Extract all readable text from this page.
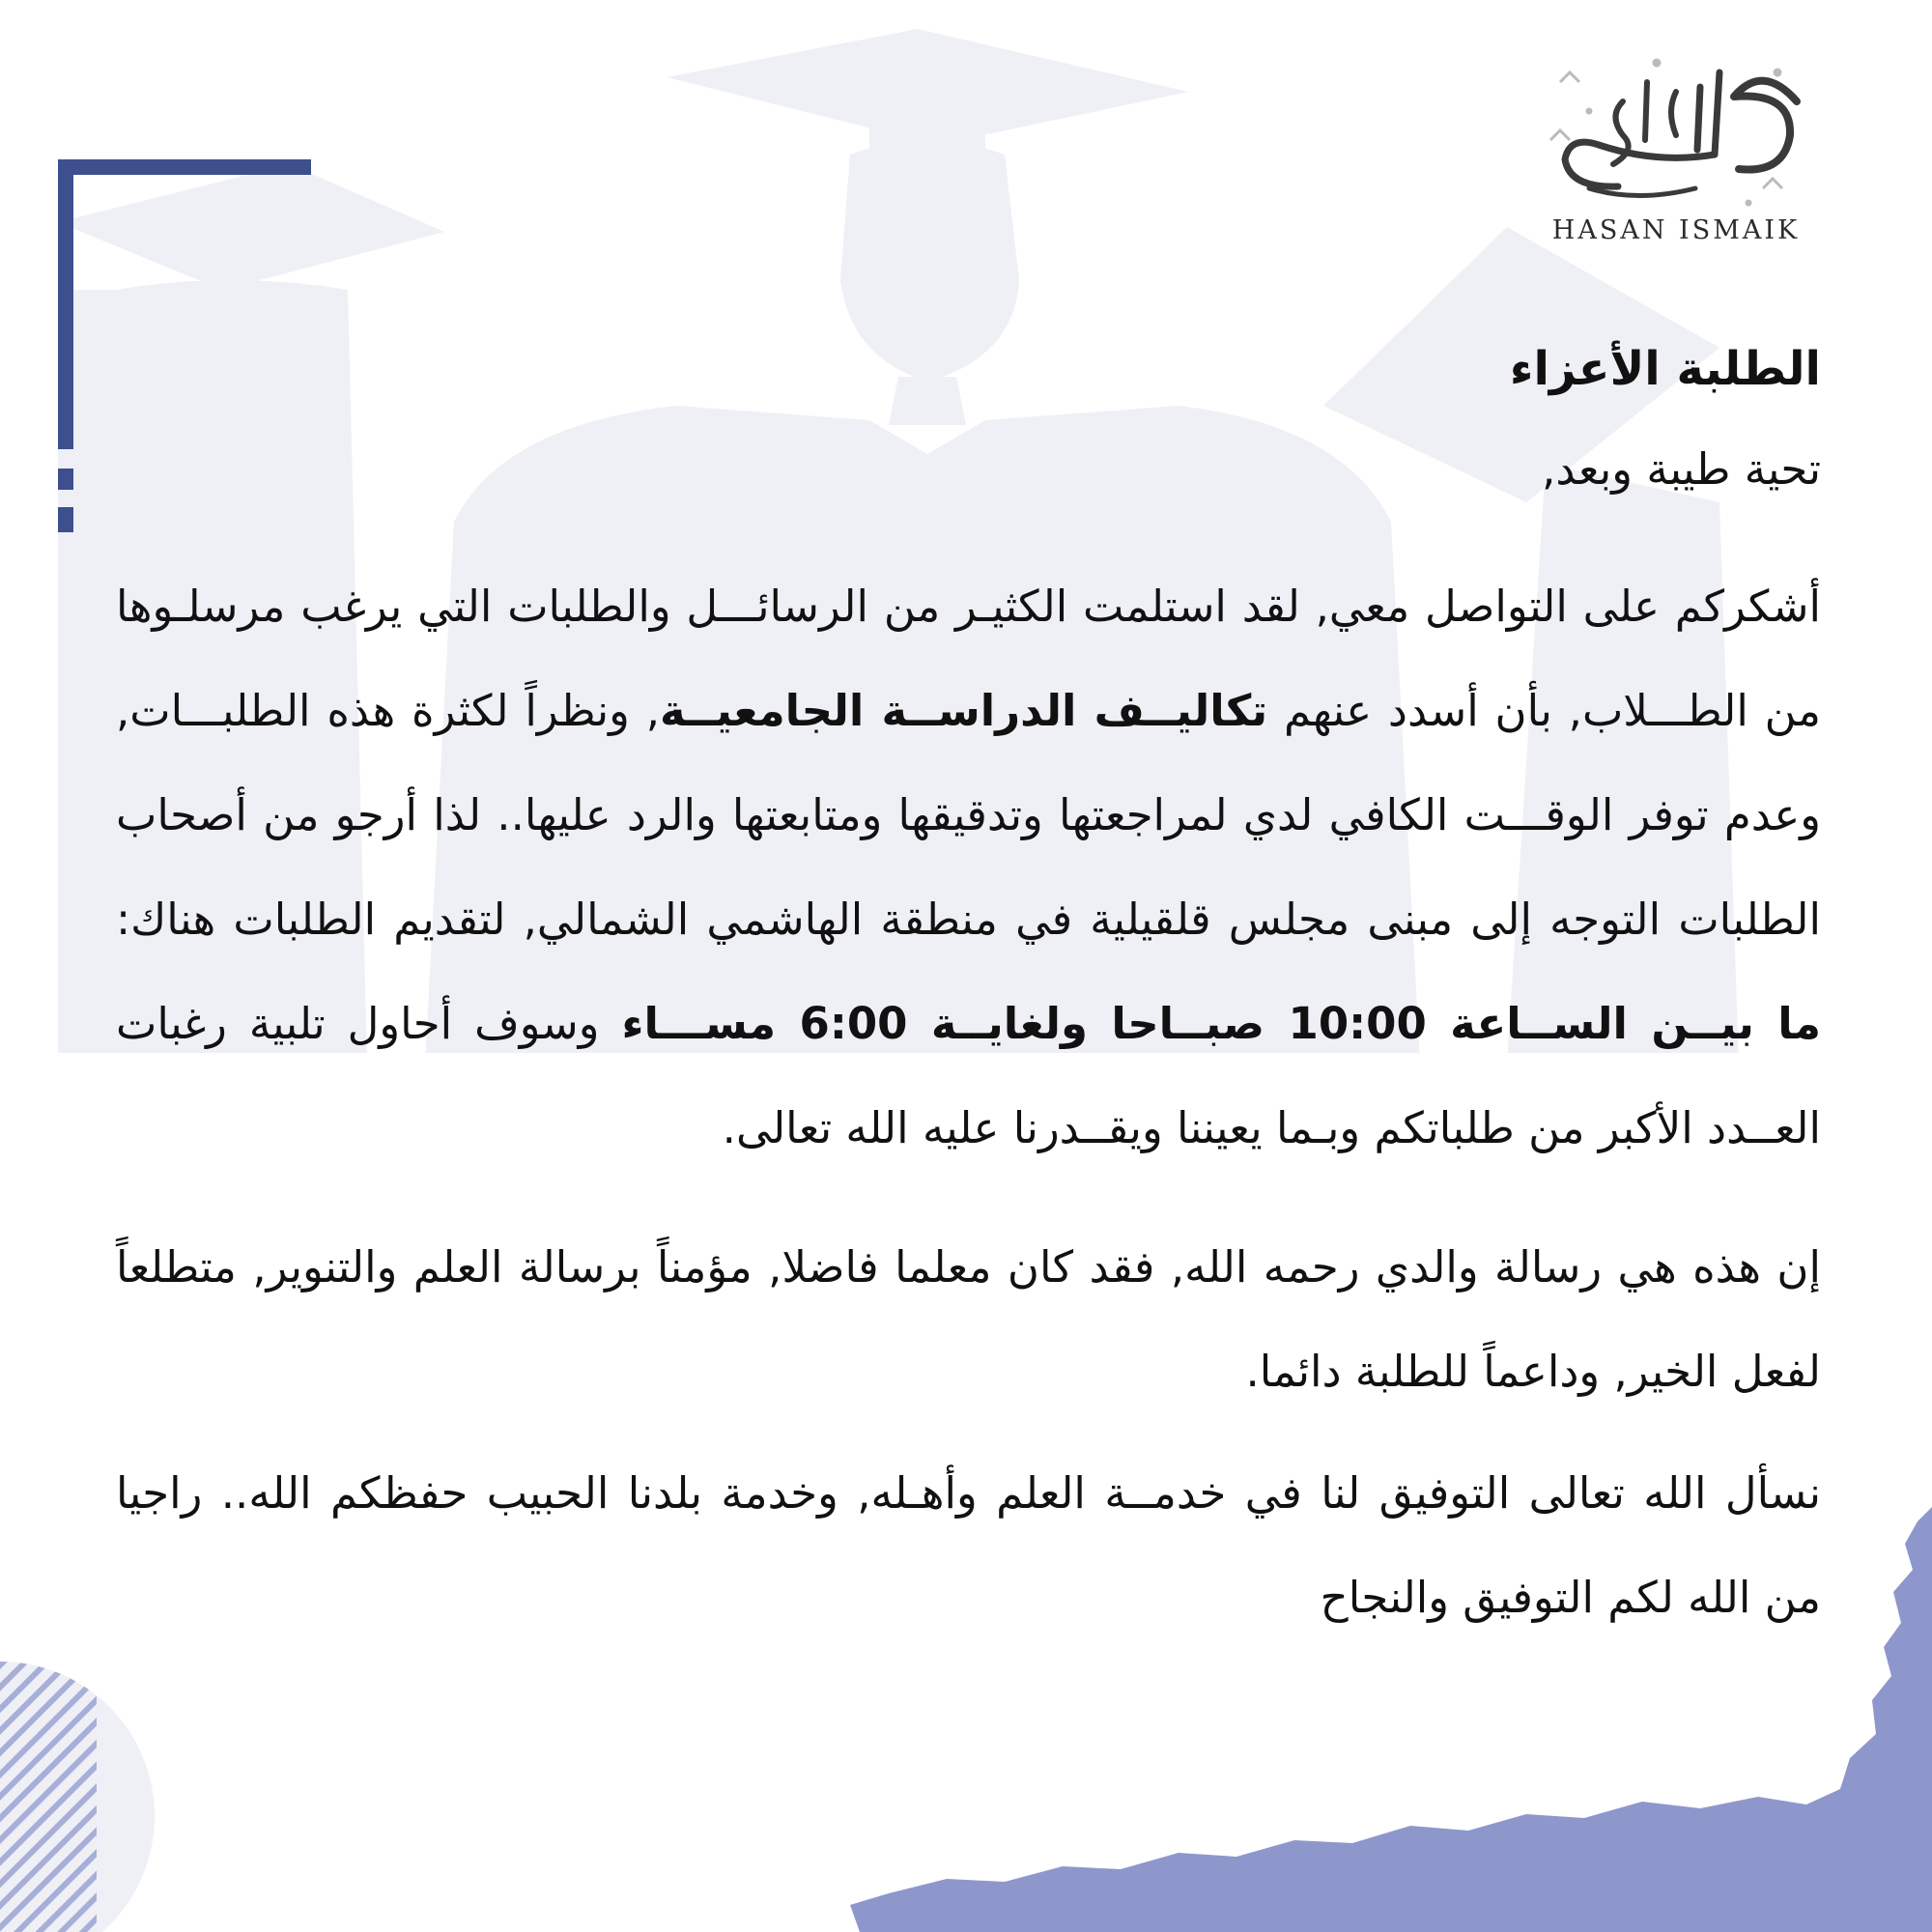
HASAN ISMAIK

الطلبة الأعزاء

تحية طيبة وبعد,

أشكركم على التواصل معي, لقد استلمت الكثيـر من الرسائـــل والطلبات التي يرغب مرسلـوها من الطـــلاب, بأن أسدد عنهم تكاليــف الدراســة الجامعيــة, ونظراً لكثرة هذه الطلبـــات, وعدم توفر الوقـــت الكافي لدي لمراجعتها وتدقيقها ومتابعتها والرد عليها.. لذا أرجو من أصحاب الطلبات التوجه إلى مبنى مجلس قلقيلية في منطقة الهاشمي الشمالي, لتقديم الطلبات هناك: ما بيــن الســاعة 10:00 صبــاحا ولغايــة 6:00 مســـاء وسوف أحاول تلبية رغبات العــدد الأكبر من طلباتكم وبـما يعيننا ويقــدرنا عليه الله تعالى.

إن هذه هي رسالة والدي رحمه الله, فقد كان معلما فاضلا, مؤمناً برسالة العلم والتنوير, متطلعاً لفعل الخير, وداعماً للطلبة دائما.

نسأل الله تعالى التوفيق لنا في خدمــة العلم وأهـله, وخدمة بلدنا الحبيب حفظكم الله.. راجيا من الله لكم التوفيق والنجاح
